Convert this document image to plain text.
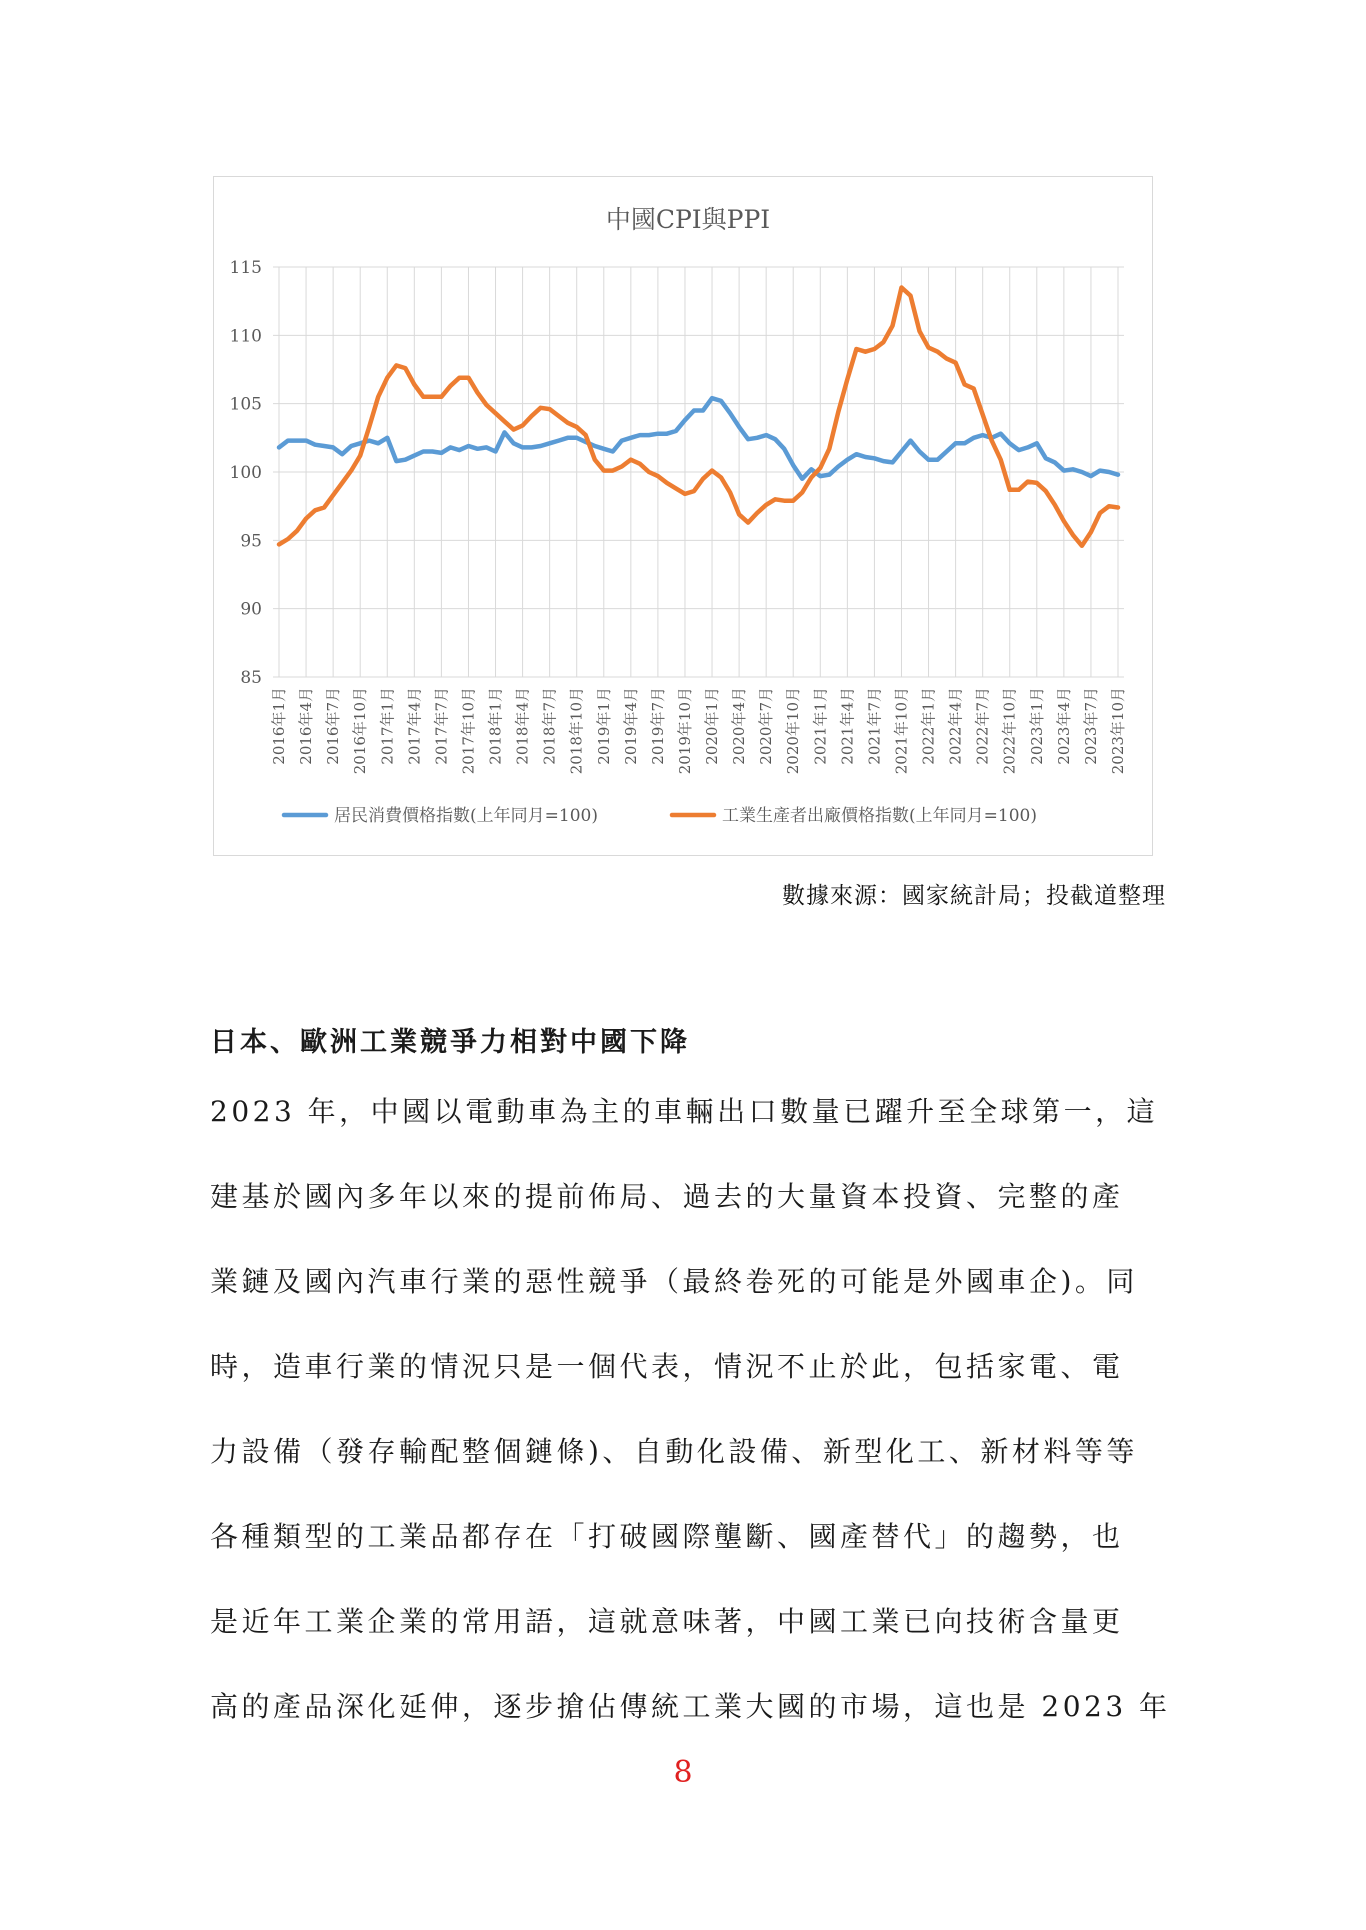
中國CPI與PPI
85
90
95
100
105
110
115
2016年1月 2016年4月 2016年7月 2016年10月 2017年1月 2017年4月 2017年7月 2017年10月 2018年1月 2018年4月 2018年7月 2018年10月 2019年1月 2019年4月 2019年7月 2019年10月 2020年1月 2020年4月 2020年7月 2020年10月 2021年1月 2021年4月 2021年7月 2021年10月 2022年1月 2022年4月 2022年7月 2022年10月 2023年1月 2023年4月 2023年7月 2023年10月
居民消費價格指數(上年同月=100)	工業生產者出廠價格指數(上年同月=100)
數據來源：國家統計局；投截道整理
日本、歐洲工業競爭力相對中國下降
2023 年，中國以電動車為主的車輛出口數量已躍升至全球第一，這
建基於國內多年以來的提前佈局、過去的大量資本投資、完整的產
業鏈及國內汽車行業的惡性競爭（最終卷死的可能是外國車企)。同
時，造車行業的情況只是一個代表，情況不止於此，包括家電、電
力設備（發存輸配整個鏈條)、自動化設備、新型化工、新材料等等
各種類型的工業品都存在「打破國際壟斷、國產替代」的趨勢，也
是近年工業企業的常用語，這就意味著，中國工業已向技術含量更
高的產品深化延伸，逐步搶佔傳統工業大國的市場，這也是 2023 年
8
